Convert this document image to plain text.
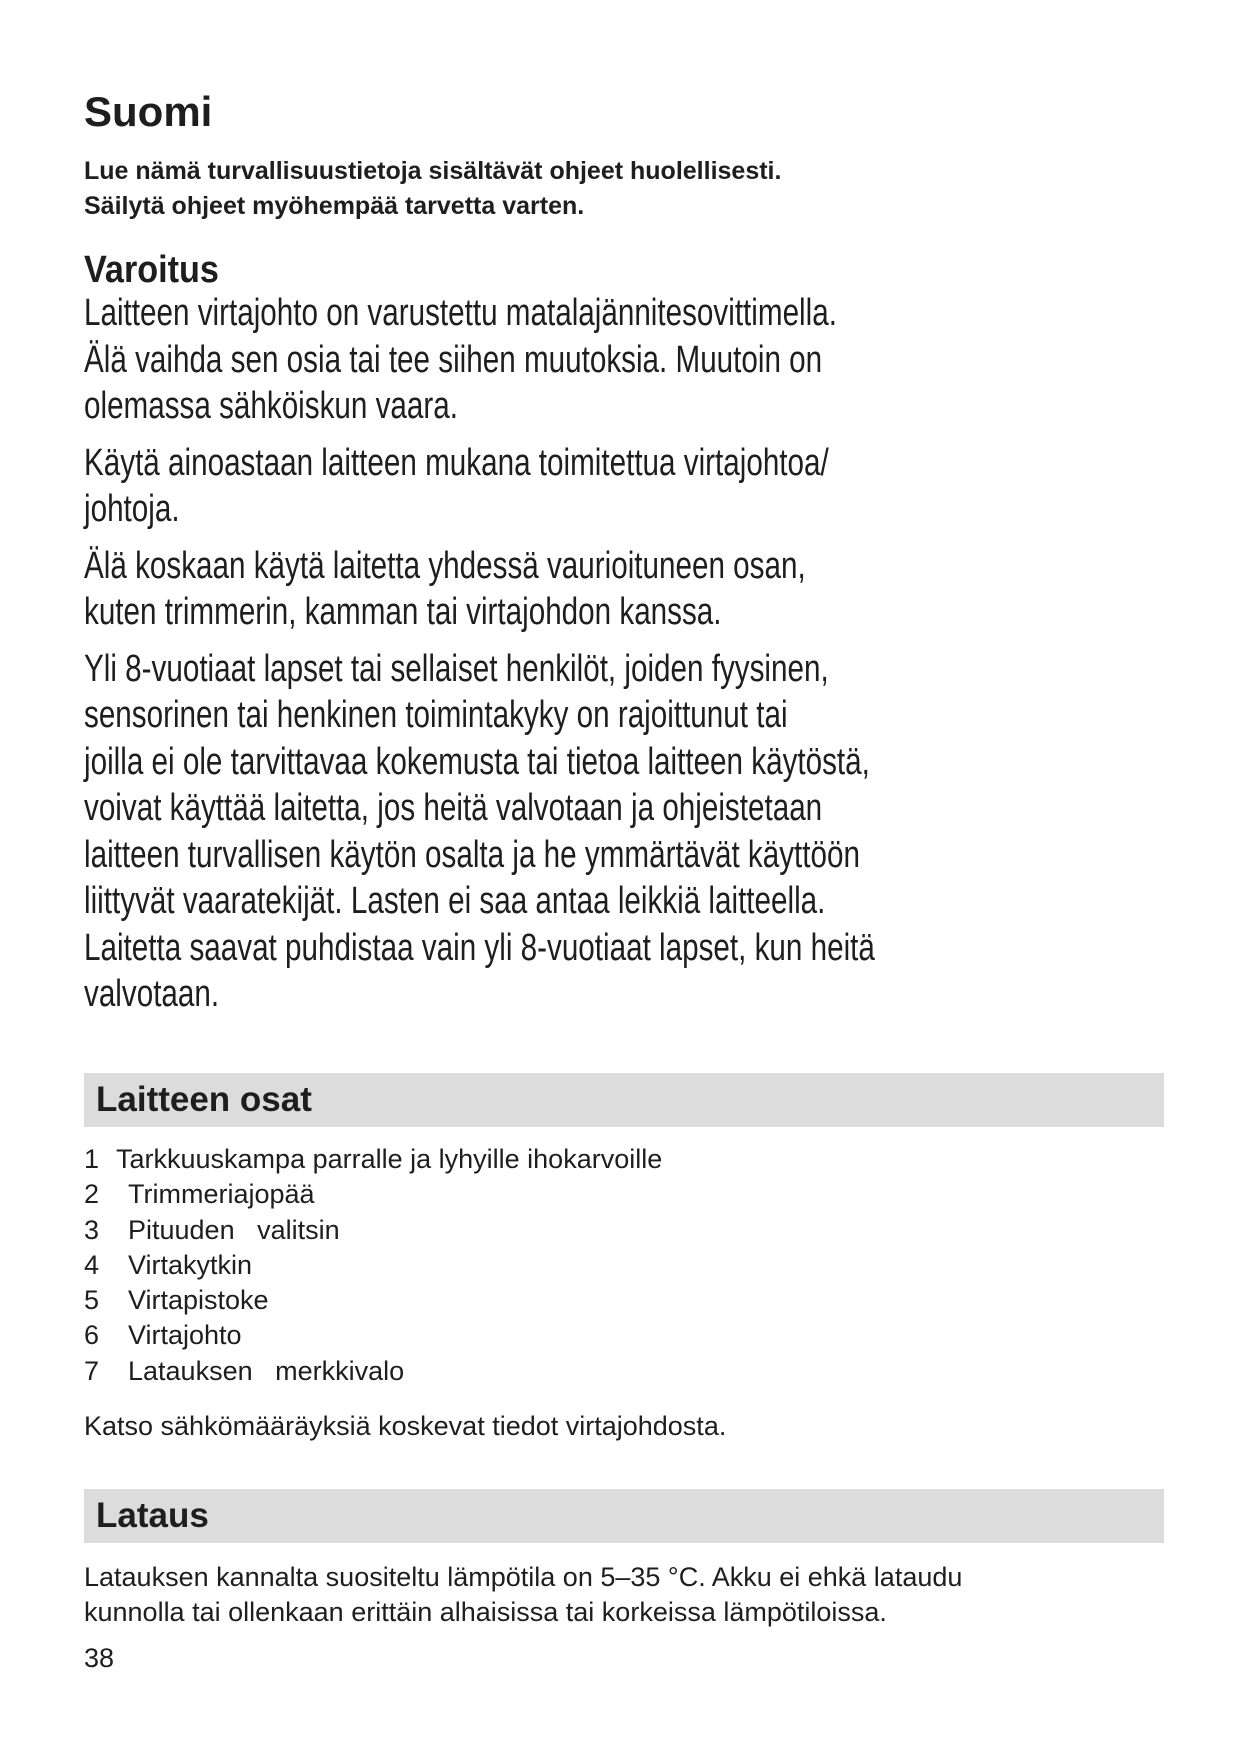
Suomi

Lue nämä turvallisuustietoja sisältävät ohjeet huolellisesti.
Säilytä ohjeet myöhempää tarvetta varten.

Varoitus

Laitteen virtajohto on varustettu matalajännitesovittimella.
Älä vaihda sen osia tai tee siihen muutoksia. Muutoin on
olemassa sähköiskun vaara.

Käytä ainoastaan laitteen mukana toimitettua virtajohtoa/
johtoja.

Älä koskaan käytä laitetta yhdessä vaurioituneen osan,
kuten trimmerin, kamman tai virtajohdon kanssa.

Yli 8-vuotiaat lapset tai sellaiset henkilöt, joiden fyysinen,
sensorinen tai henkinen toimintakyky on rajoittunut tai
joilla ei ole tarvittavaa kokemusta tai tietoa laitteen käytöstä,
voivat käyttää laitetta, jos heitä valvotaan ja ohjeistetaan
laitteen turvallisen käytön osalta ja he ymmärtävät käyttöön
liittyvät vaaratekijät. Lasten ei saa antaa leikkiä laitteella.
Laitetta saavat puhdistaa vain yli 8-vuotiaat lapset, kun heitä
valvotaan.

Laitteen osat
1 Tarkkuuskampa parralle ja lyhyille ihokarvoille
2 Trimmeriajopää
3 Pituuden   valitsin
4 Virtakytkin
5 Virtapistoke
6 Virtajohto
7 Latauksen   merkkivalo

Katso sähkömääräyksiä koskevat tiedot virtajohdosta.

Lataus

Latauksen kannalta suositeltu lämpötila on 5–35 °C. Akku ei ehkä lataudu
kunnolla tai ollenkaan erittäin alhaisissa tai korkeissa lämpötiloissa.

38
